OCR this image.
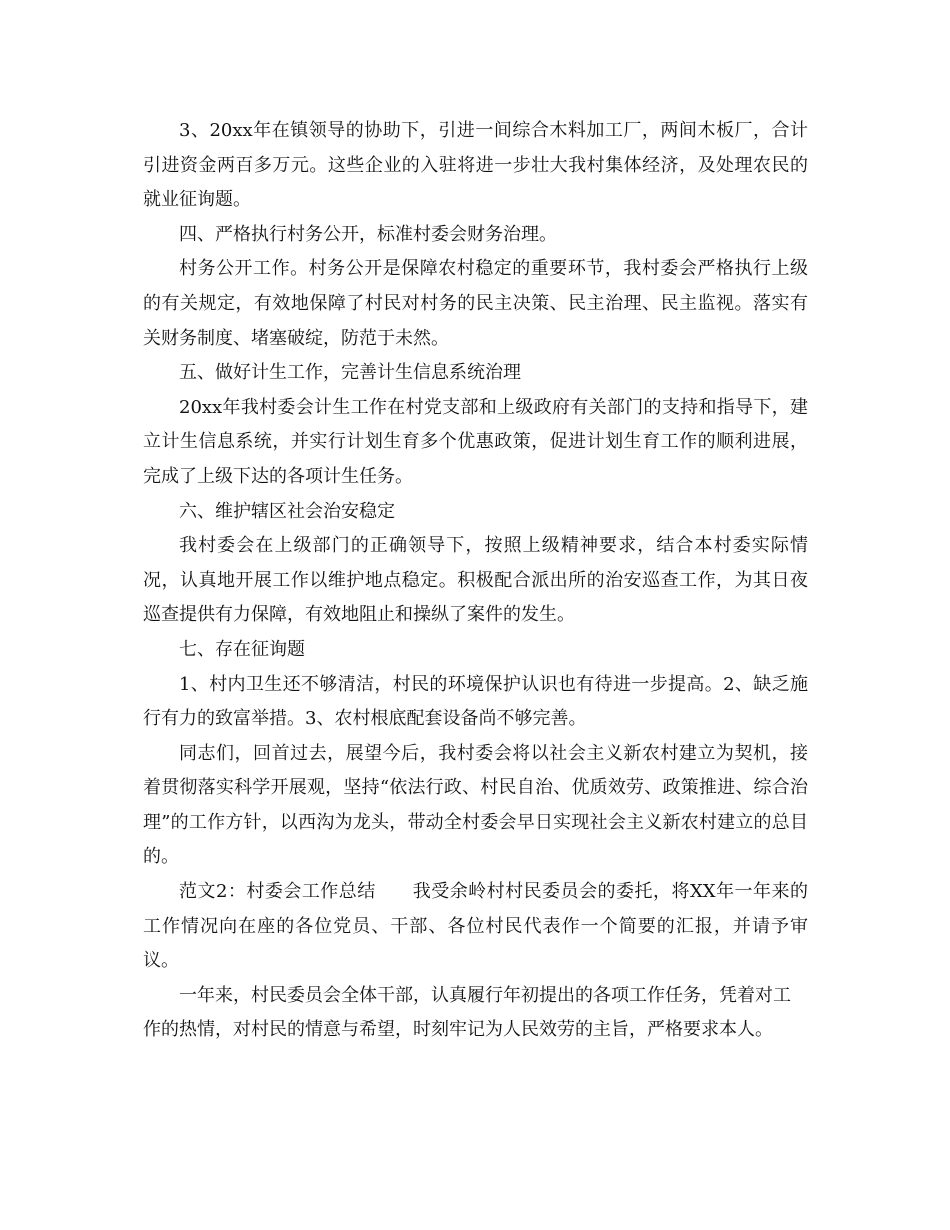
3、20xx年在镇领导的协助下，引进一间综合木料加工厂，两间木板厂，合计引进资金两百多万元。这些企业的入驻将进一步壮大我村集体经济，及处理农民的就业征询题。

四、严格执行村务公开，标准村委会财务治理。

村务公开工作。村务公开是保障农村稳定的重要环节，我村委会严格执行上级的有关规定，有效地保障了村民对村务的民主决策、民主治理、民主监视。落实有关财务制度、堵塞破绽，防范于未然。

五、做好计生工作，完善计生信息系统治理

20xx年我村委会计生工作在村党支部和上级政府有关部门的支持和指导下，建立计生信息系统，并实行计划生育多个优惠政策，促进计划生育工作的顺利进展，完成了上级下达的各项计生任务。

六、维护辖区社会治安稳定

我村委会在上级部门的正确领导下，按照上级精神要求，结合本村委实际情况，认真地开展工作以维护地点稳定。积极配合派出所的治安巡查工作，为其日夜巡查提供有力保障，有效地阻止和操纵了案件的发生。

七、存在征询题

1、村内卫生还不够清洁，村民的环境保护认识也有待进一步提高。2、缺乏施行有力的致富举措。3、农村根底配套设备尚不够完善。

同志们，回首过去，展望今后，我村委会将以社会主义新农村建立为契机，接着贯彻落实科学开展观，坚持“依法行政、村民自治、优质效劳、政策推进、综合治理”的工作方针，以西沟为龙头，带动全村委会早日实现社会主义新农村建立的总目的。

范文2：村委会工作总结　　我受余岭村村民委员会的委托，将XX年一年来的工作情况向在座的各位党员、干部、各位村民代表作一个简要的汇报，并请予审议。

一年来，村民委员会全体干部，认真履行年初提出的各项工作任务，凭着对工作的热情，对村民的情意与希望，时刻牢记为人民效劳的主旨，严格要求本人。
